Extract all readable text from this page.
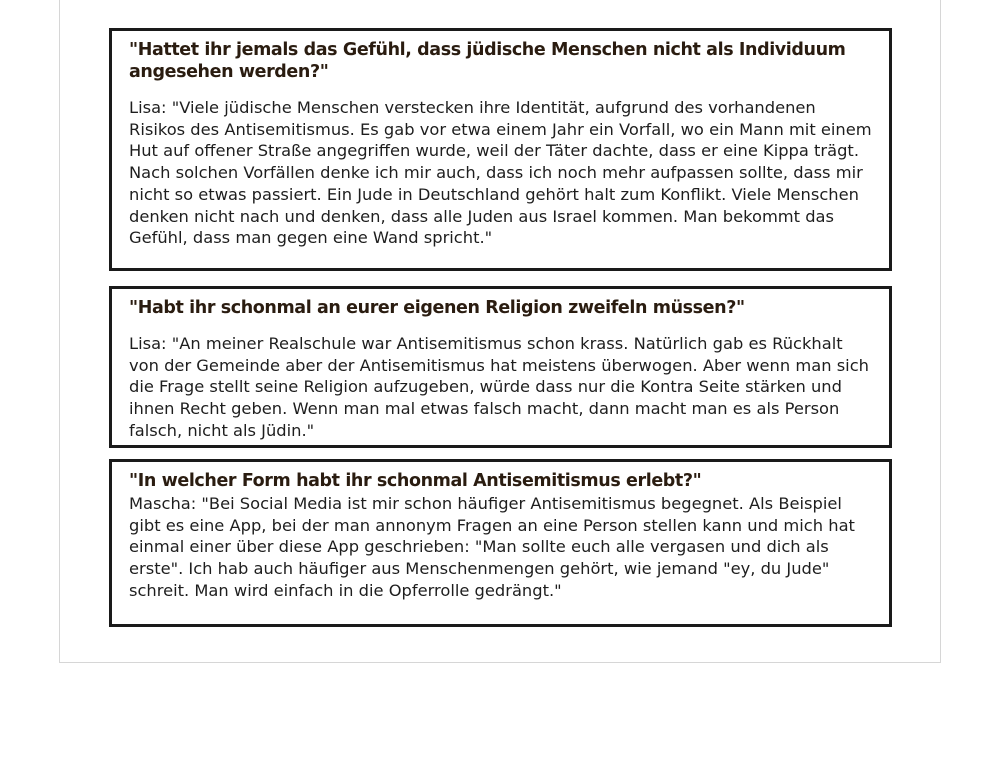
"Hattet ihr jemals das Gefühl, dass jüdische Menschen nicht als Individuum angesehen werden?"

Lisa: "Viele jüdische Menschen verstecken ihre Identität, aufgrund des vorhandenen Risikos des Antisemitismus. Es gab vor etwa einem Jahr ein Vorfall, wo ein Mann mit einem Hut auf offener Straße angegriffen wurde, weil der Täter dachte, dass er eine Kippa trägt. Nach solchen Vorfällen denke ich mir auch, dass ich noch mehr aufpassen sollte, dass mir nicht so etwas passiert. Ein Jude in Deutschland gehört halt zum Konflikt. Viele Menschen denken nicht nach und denken, dass alle Juden aus Israel kommen. Man bekommt das Gefühl, dass man gegen eine Wand spricht."

"Habt ihr schonmal an eurer eigenen Religion zweifeln müssen?"

Lisa: "An meiner Realschule war Antisemitismus schon krass. Natürlich gab es Rückhalt von der Gemeinde aber der Antisemitismus hat meistens überwogen. Aber wenn man sich die Frage stellt seine Religion aufzugeben, würde dass nur die Kontra Seite stärken und ihnen Recht geben. Wenn man mal etwas falsch macht, dann macht man es als Person falsch, nicht als Jüdin."

"In welcher Form habt ihr schonmal Antisemitismus erlebt?"

Mascha: "Bei Social Media ist mir schon häufiger Antisemitismus begegnet. Als Beispiel gibt es eine App, bei der man annonym Fragen an eine Person stellen kann und mich hat einmal einer über diese App geschrieben: "Man sollte euch alle vergasen und dich als erste". Ich hab auch häufiger aus Menschenmengen gehört, wie jemand "ey, du Jude" schreit. Man wird einfach in die Opferrolle gedrängt."
